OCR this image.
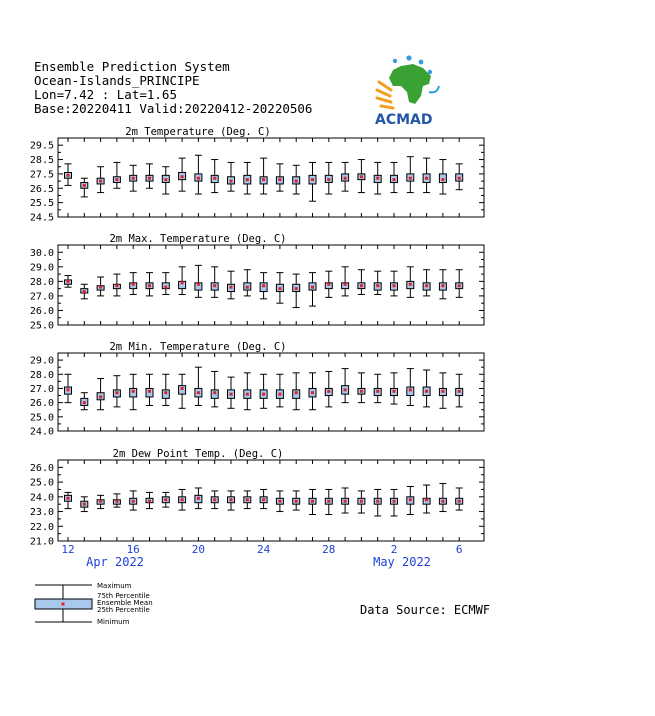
Ensemble Prediction System
Ocean-Islands_PRINCIPE
Lon=7.42 : Lat=1.65
Base:20220411 Valid:20220412-20220506
ACMAD
2m Temperature (Deg. C)
24.5
25.5
26.5
27.5
28.5
29.5
2m Max. Temperature (Deg. C)
25.0
26.0
27.0
28.0
29.0
30.0
2m Min. Temperature (Deg. C)
24.0
25.0
26.0
27.0
28.0
29.0
2m Dew Point Temp. (Deg. C)
21.0
22.0
23.0
24.0
25.0
26.0
12	16	20	24	28	2	6
Apr 2022	May 2022
Maximum
75th Percentile
Ensemble Mean
25th Percentile
Minimum
Data Source: ECMWF
